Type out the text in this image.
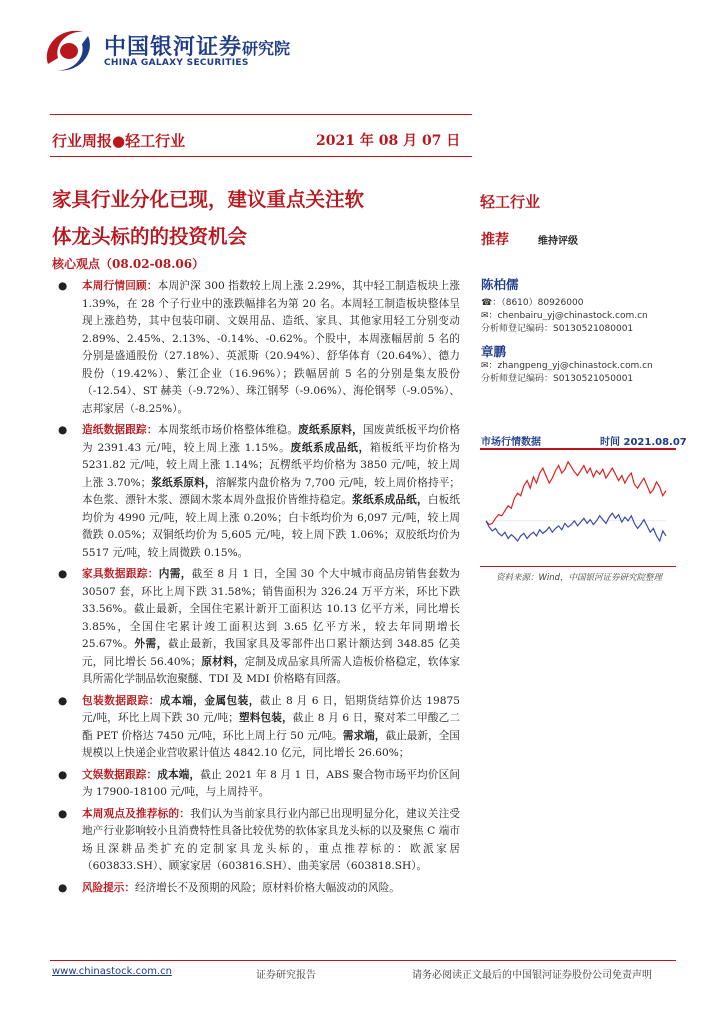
中国银河证券 研究院
CHINA GALAXY SECURITIES
行业周报●轻工行业	2021 年 08 月 07 日
家具行业分化已现，建议重点关注软
体龙头标的的投资机会
核心观点（08.02-08.06）
轻工行业
推荐	维持评级
陈柏儒
☎：（8610）80926000
✉：chenbairu_yj@chinastock.com.cn
分析师登记编码：S0130521080001
章鹏
✉：zhangpeng_yj@chinastock.com.cn
分析师登记编码：S0130521050001
市场行情数据	时间 2021.08.07
·	·	·	·	·	·	·	·	·	·
资料来源：Wind，中国银河证券研究院整理
● 本周行情回顾：本周沪深 300 指数较上周上涨 2.29%，其中轻工制造板块上涨 1.39%，在 28 个子行业中的涨跌幅排名为第 20 名。本周轻工制造板块整体呈现上涨趋势，其中包装印刷、文娱用品、造纸、家具、其他家用轻工分别变动 2.89%、2.45%、2.13%、-0.14%、-0.62%。个股中，本周涨幅居前 5 名的分别是盛通股份（27.18%）、英派斯（20.94%）、舒华体育（20.64%）、德力股份（19.42%）、紫江企业（16.96%）；跌幅居前 5 名的分别是集友股份（-12.54）、ST 赫美（-9.72%）、珠江钢琴（-9.06%）、海伦钢琴（-9.05%）、志邦家居（-8.25%）。
● 造纸数据跟踪：本周浆纸市场价格整体维稳。废纸系原料，国废黄纸板平均价格为 2391.43 元/吨，较上周上涨 1.15%。废纸系成品纸，箱板纸平均价格为 5231.82 元/吨，较上周上涨 1.14%；瓦楞纸平均价格为 3850 元/吨，较上周上涨 3.70%；浆纸系原料，溶解浆内盘价格为 7,700 元/吨，较上周价格持平；本色浆、漂针木浆、漂阔木浆本周外盘报价皆维持稳定。浆纸系成品纸，白板纸均价为 4990 元/吨，较上周上涨 0.20%；白卡纸均价为 6,097 元/吨，较上周微跌 0.05%；双铜纸均价为 5,605 元/吨，较上周下跌 1.06%；双胶纸均价为 5517 元/吨，较上周微跌 0.15%。
● 家具数据跟踪：内需，截至 8 月 1 日，全国 30 个大中城市商品房销售套数为 30507 套，环比上周下跌 31.58%；销售面积为 326.24 万平方米，环比下跌 33.56%。截止最新，全国住宅累计新开工面积达 10.13 亿平方米，同比增长 3.85%，全国住宅累计竣工面积达到 3.65 亿平方米，较去年同期增长 25.67%。外需，截止最新，我国家具及零部件出口累计额达到 348.85 亿美元，同比增长 56.40%；原材料，定制及成品家具所需人造板价格稳定，软体家具所需化学制品软泡聚醚、TDI 及 MDI 价格略有回落。
● 包装数据跟踪：成本端，金属包装，截止 8 月 6 日，铝期货结算价达 19875 元/吨，环比上周下跌 30 元/吨；塑料包装，截止 8 月 6 日，聚对苯二甲酸乙二酯 PET 价格达 7450 元/吨，环比上周上行 50 元/吨。需求端，截止最新，全国规模以上快递企业营收累计值达 4842.10 亿元，同比增长 26.60%；
● 文娱数据跟踪：成本端，截止 2021 年 8 月 1 日，ABS 聚合物市场平均价区间为 17900-18100 元/吨，与上周持平。
● 本周观点及推荐标的：我们认为当前家具行业内部已出现明显分化，建议关注受地产行业影响较小且消费特性具备比较优势的软体家具龙头标的以及聚焦 C 端市场且深耕品类扩充的定制家具龙头标的，重点推荐标的：欧派家居（603833.SH）、顾家家居（603816.SH）、曲美家居（603818.SH）。
● 风险提示：经济增长不及预期的风险；原材料价格大幅波动的风险。
www.chinastock.com.cn	证券研究报告	请务必阅读正文最后的中国银河证券股份公司免责声明
